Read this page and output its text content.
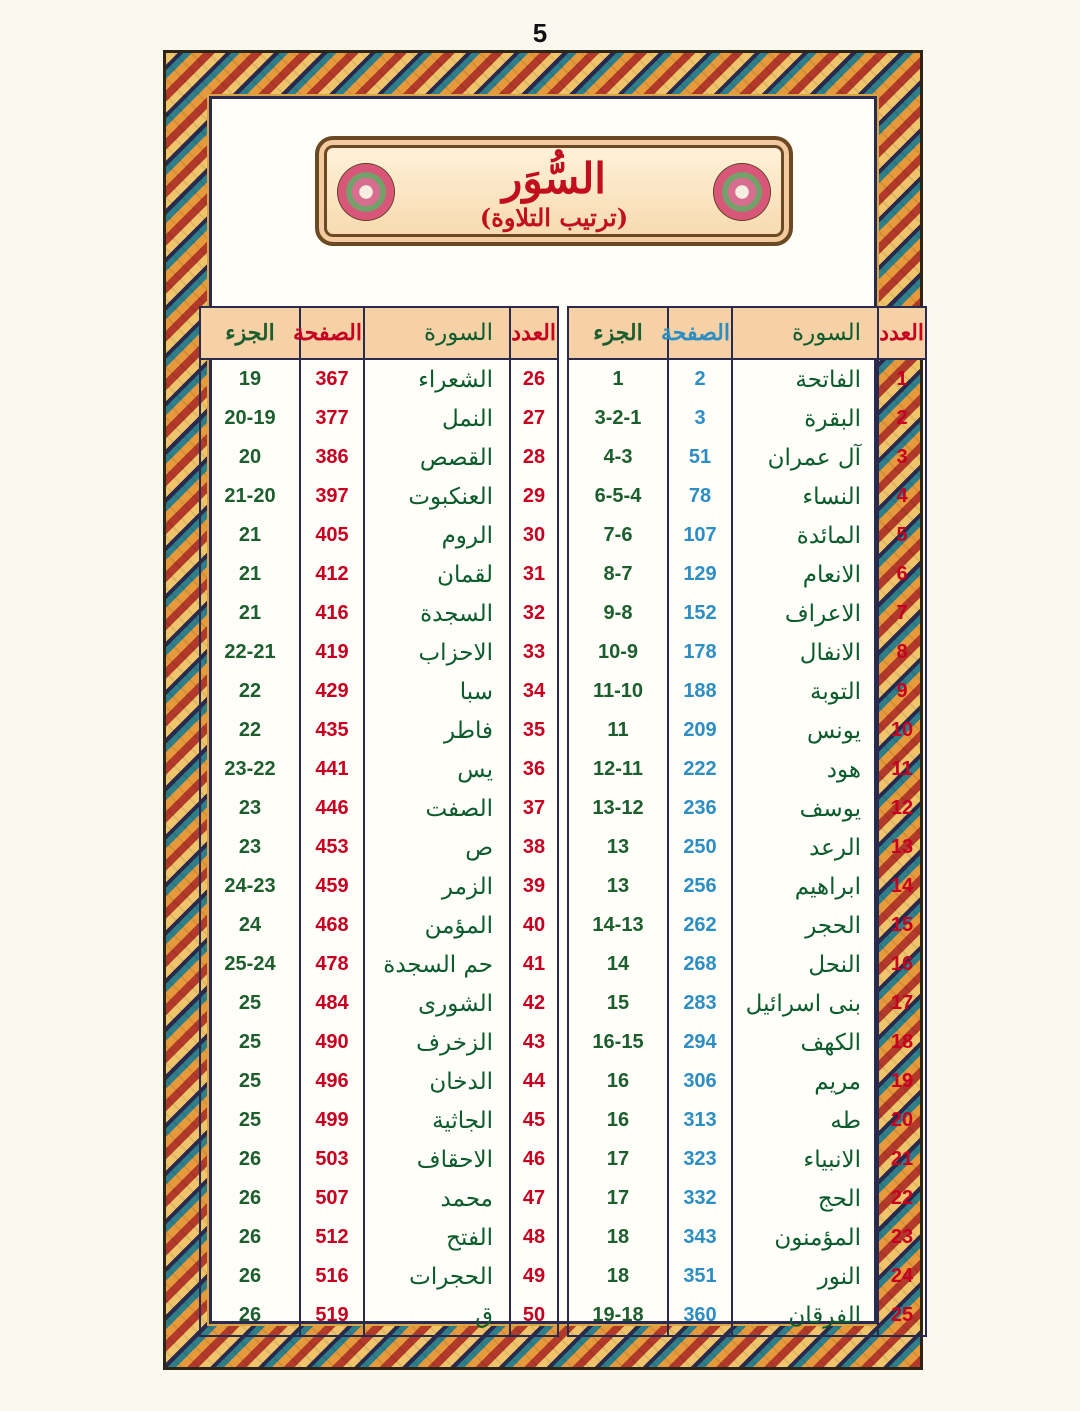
5
السُّوَر
(ترتيب التلاوة)
العدد	السورة	الصفحة	الجزء
1	الفاتحة	2	1
2	البقرة	3	3-2-1
3	آل عمران	51	4-3
4	النساء	78	6-5-4
5	المائدة	107	7-6
6	الانعام	129	8-7
7	الاعراف	152	9-8
8	الانفال	178	10-9
9	التوبة	188	11-10
10	يونس	209	11
11	هود	222	12-11
12	يوسف	236	13-12
13	الرعد	250	13
14	ابراهيم	256	13
15	الحجر	262	14-13
16	النحل	268	14
17	بنى اسرائيل	283	15
18	الكهف	294	16-15
19	مريم	306	16
20	طه	313	16
21	الانبياء	323	17
22	الحج	332	17
23	المؤمنون	343	18
24	النور	351	18
25	الفرقان	360	19-18
العدد	السورة	الصفحة	الجزء
26	الشعراء	367	19
27	النمل	377	20-19
28	القصص	386	20
29	العنكبوت	397	21-20
30	الروم	405	21
31	لقمان	412	21
32	السجدة	416	21
33	الاحزاب	419	22-21
34	سبا	429	22
35	فاطر	435	22
36	يس	441	23-22
37	الصفت	446	23
38	ص	453	23
39	الزمر	459	24-23
40	المؤمن	468	24
41	حم السجدة	478	25-24
42	الشورى	484	25
43	الزخرف	490	25
44	الدخان	496	25
45	الجاثية	499	25
46	الاحقاف	503	26
47	محمد	507	26
48	الفتح	512	26
49	الحجرات	516	26
50	ق	519	26
